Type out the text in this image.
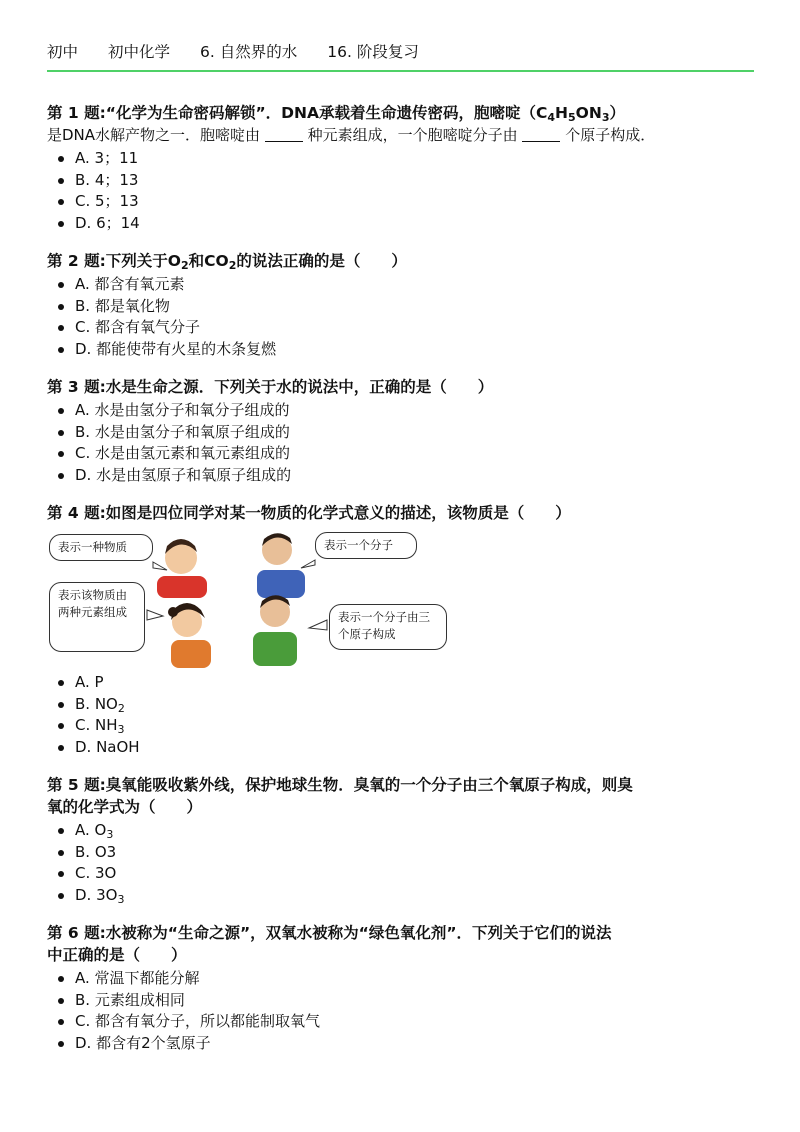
初中 初中化学 6. 自然界的水 16. 阶段复习
第 1 题:“化学为生命密码解锁”．DNA承载着生命遗传密码，胞嘧啶$(C_4H_5ON_3)$
是DNA水解产物之一．胞嘧啶由	种元素组成，一个胞嘧啶分子由	个原子构成．
A. 3；11
B. 4；13
C. 5；13
D. 6；14
第 2 题:下列关于$O_2$和$CO_2$的说法正确的是（　　）
A. 都含有氧元素
B. 都是氧化物
C. 都含有氧气分子
D. 都能使带有火星的木条复燃
第 3 题:水是生命之源．下列关于水的说法中，正确的是（　　）
A. 水是由氢分子和氧分子组成的
B. 水是由氢分子和氧原子组成的
C. 水是由氢元素和氧元素组成的
D. 水是由氢原子和氧原子组成的
第 4 题:如图是四位同学对某一物质的化学式意义的描述，该物质是（　　）
表示一种物质	表示一个分子
表示该物质由两种元素组成	表示一个分子由三个原子构成
A. P
B. $NO_2$
C. $NH_3$
D. NaOH
第 5 题:臭氧能吸收紫外线，保护地球生物．臭氧的一个分子由三个氧原子构成，则臭
氧的化学式为（　　）
A. $O_3$
B. O3
C. 3O
D. $3O_3$
第 6 题:水被称为“生命之源”，双氧水被称为“绿色氧化剂”．下列关于它们的说法
中正确的是（　　）
A. 常温下都能分解
B. 元素组成相同
C. 都含有氧分子，所以都能制取氧气
D. 都含有2个氢原子
